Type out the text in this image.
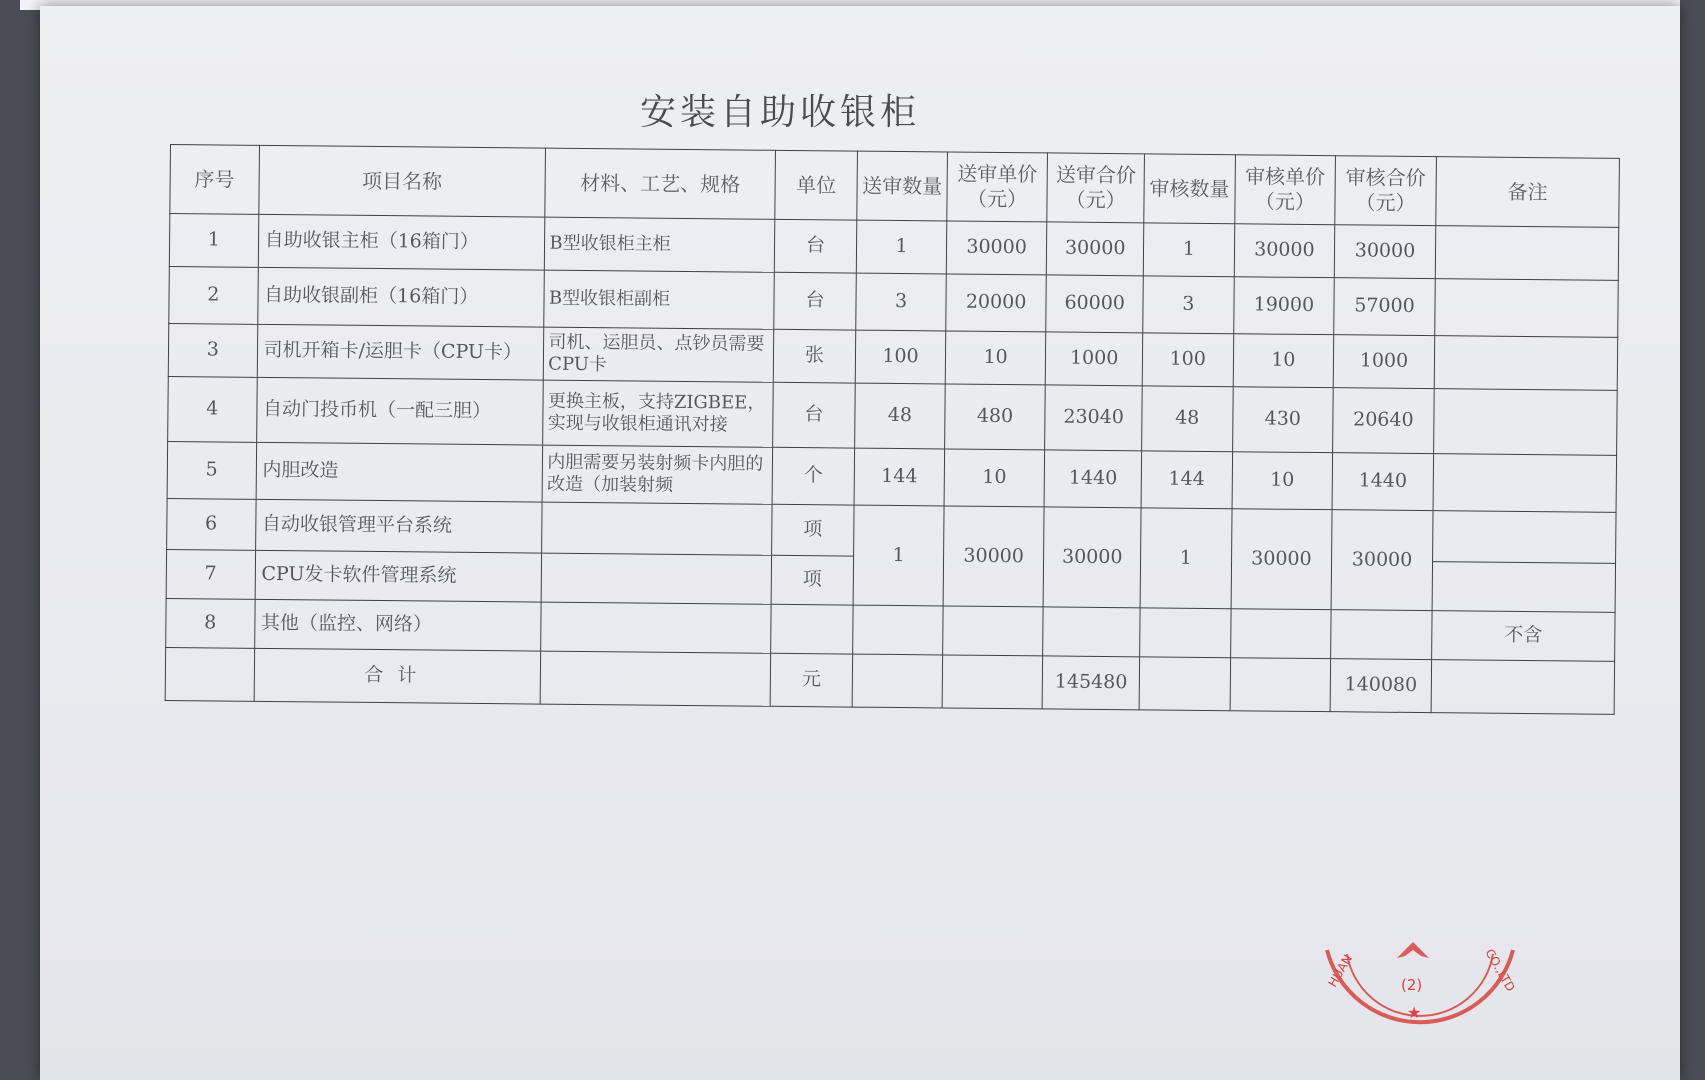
安装自助收银柜
序号	项目名称	材料、工艺、规格	单位	送审数量	送审单价（元）	送审合价（元）	审核数量	审核单价（元）	审核合价（元）	备注
1	自助收银主柜（16箱门）	B型收银柜主柜	台	1	30000	30000	1	30000	30000	
2	自助收银副柜（16箱门）	B型收银柜副柜	台	3	20000	60000	3	19000	57000	
3	司机开箱卡/运胆卡（CPU卡）	司机、运胆员、点钞员需要CPU卡	张	100	10	1000	100	10	1000	
4	自动门投币机（一配三胆）	更换主板，支持ZIGBEE，实现与收银柜通讯对接	台	48	480	23040	48	430	20640	
5	内胆改造	内胆需要另装射频卡内胆的改造（加装射频	个	144	10	1440	144	10	1440	
6	自动收银管理平台系统		项	1	30000	30000	1	30000	30000	
7	CPU发卡软件管理系统		项							
8	其他（监控、网络）									不含
	合计		元			145480			140080	
HUAN	CO.,LTD
(2)
★
